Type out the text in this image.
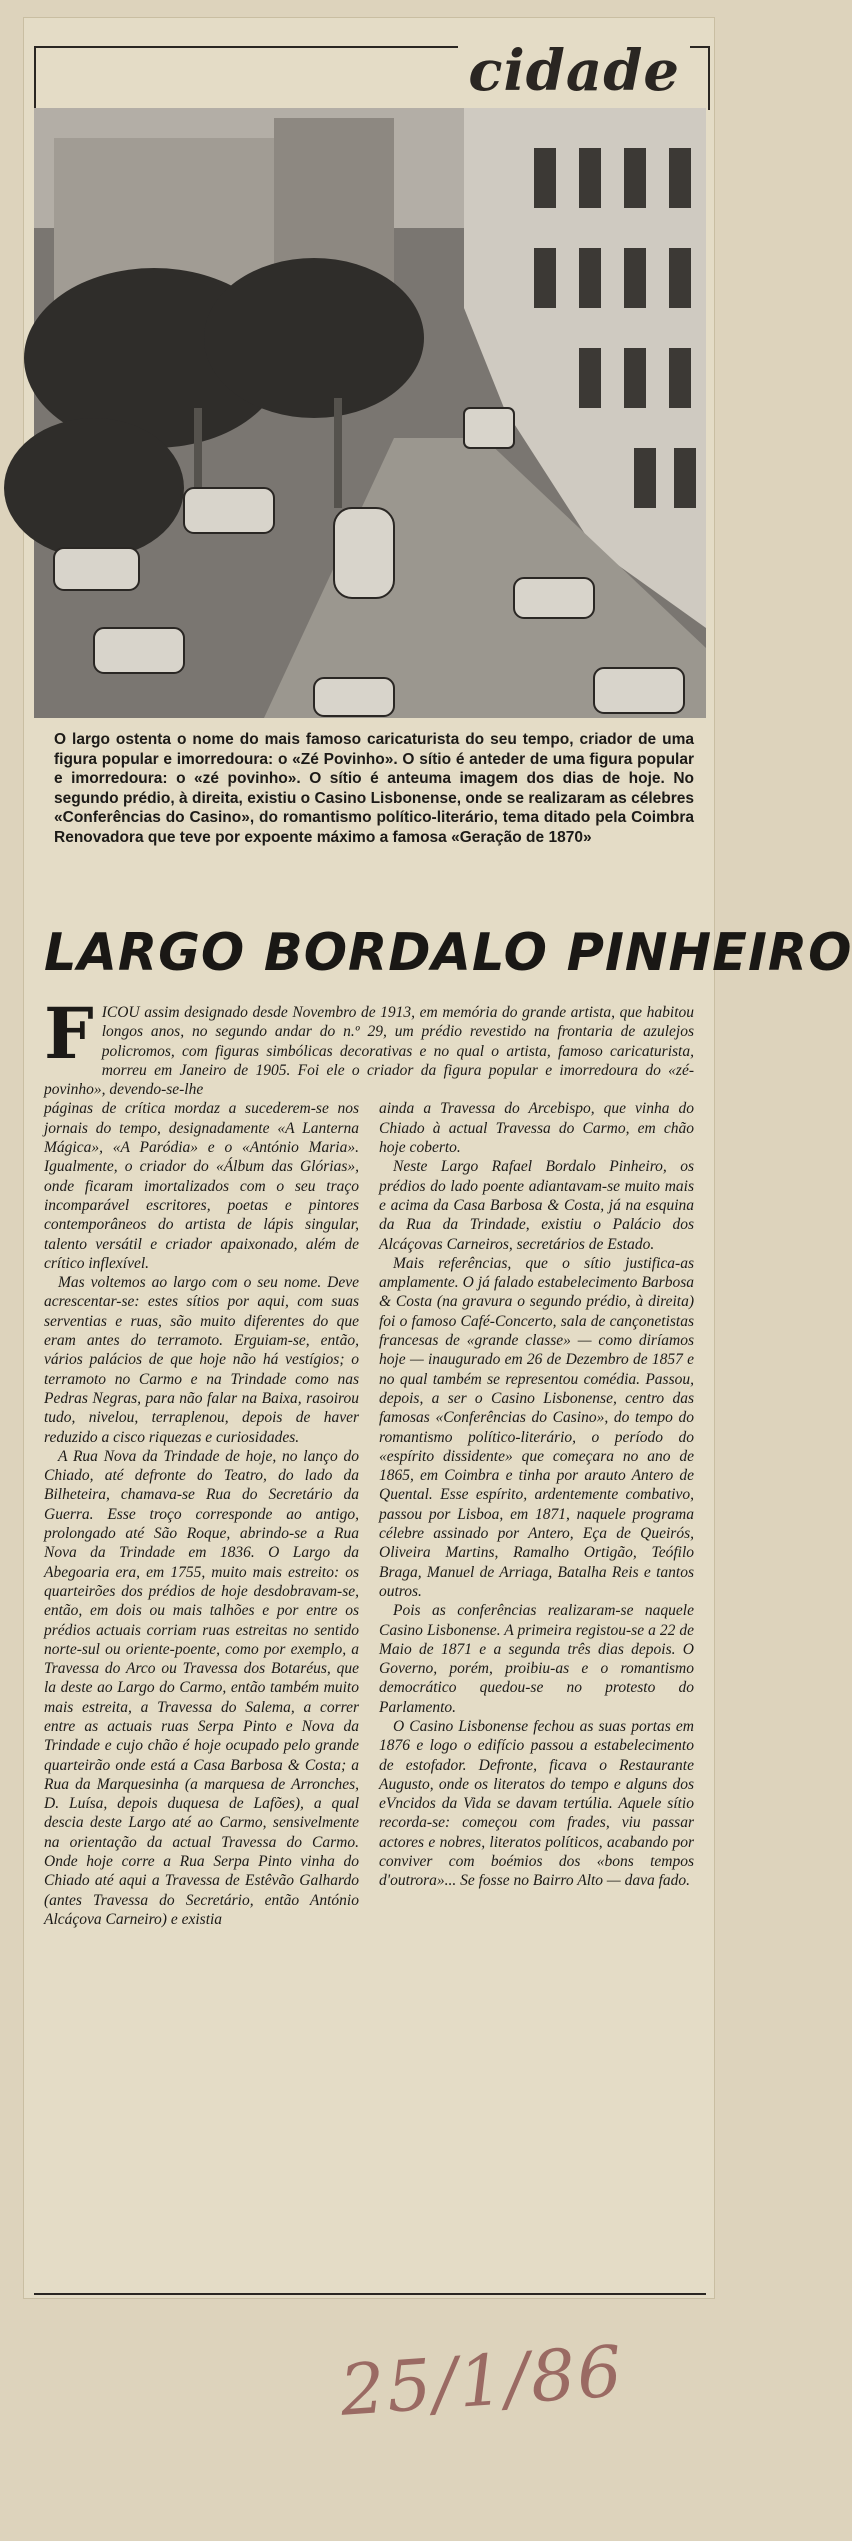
cidade
O largo ostenta o nome do mais famoso caricaturista do seu tempo, criador de uma figura popular e imorredoura: o «Zé Povinho». O sítio é anteder de uma figura popular e imorredoura: o «zé povinho». O sítio é anteuma imagem dos dias de hoje. No segundo prédio, à direita, existiu o Casino Lisbonense, onde se realizaram as célebres «Conferências do Casino», do romantismo político-literário, tema ditado pela Coimbra Renovadora que teve por expoente máximo a famosa «Geração de 1870»
LARGO BORDALO PINHEIRO
F ICOU assim designado desde Novembro de 1913, em memória do grande artista, que habitou longos anos, no segundo andar do n.º 29, um prédio revestido na frontaria de azulejos policromos, com figuras simbólicas decorativas e no qual o artista, famoso caricaturista, morreu em Janeiro de 1905. Foi ele o criador da figura popular e imorredoura do «zé-povinho», devendo-se-lhe

páginas de crítica mordaz a sucederem-se nos jornais do tempo, designadamente «A Lanterna Mágica», «A Paródia» e o «António Maria». Igualmente, o criador do «Álbum das Glórias», onde ficaram imortalizados com o seu traço incomparável escritores, poetas e pintores contemporâneos do artista de lápis singular, talento versátil e criador apaixonado, além de crítico inflexível.

Mas voltemos ao largo com o seu nome. Deve acrescentar-se: estes sítios por aqui, com suas serventias e ruas, são muito diferentes do que eram antes do terramoto. Erguiam-se, então, vários palácios de que hoje não há vestígios; o terramoto no Carmo e na Trindade como nas Pedras Negras, para não falar na Baixa, rasoirou tudo, nivelou, terraplenou, depois de haver reduzido a cisco riquezas e curiosidades.

A Rua Nova da Trindade de hoje, no lanço do Chiado, até defronte do Teatro, do lado da Bilheteira, chamava-se Rua do Secretário da Guerra. Esse troço corresponde ao antigo, prolongado até São Roque, abrindo-se a Rua Nova da Trindade em 1836. O Largo da Abegoaria era, em 1755, muito mais estreito: os quarteirões dos prédios de hoje desdobravam-se, então, em dois ou mais talhões e por entre os prédios actuais corriam ruas estreitas no sentido norte-sul ou oriente-poente, como por exemplo, a Travessa do Arco ou Travessa dos Botaréus, que la deste ao Largo do Carmo, então também muito mais estreita, a Travessa do Salema, a correr entre as actuais ruas Serpa Pinto e Nova da Trindade e cujo chão é hoje ocupado pelo grande quarteirão onde está a Casa Barbosa & Costa; a Rua da Marquesinha (a marquesa de Arronches, D. Luísa, depois duquesa de Lafões), a qual descia deste Largo até ao Carmo, sensivelmente na orientação da actual Travessa do Carmo. Onde hoje corre a Rua Serpa Pinto vinha do Chiado até aqui a Travessa de Estêvão Galhardo (antes Travessa do Secretário, então António Alcáçova Carneiro) e existia

ainda a Travessa do Arcebispo, que vinha do Chiado à actual Travessa do Carmo, em chão hoje coberto.

Neste Largo Rafael Bordalo Pinheiro, os prédios do lado poente adiantavam-se muito mais e acima da Casa Barbosa & Costa, já na esquina da Rua da Trindade, existiu o Palácio dos Alcáçovas Carneiros, secretários de Estado.

Mais referências, que o sítio justifica-as amplamente. O já falado estabelecimento Barbosa & Costa (na gravura o segundo prédio, à direita) foi o famoso Café-Concerto, sala de cançonetistas francesas de «grande classe» — como diríamos hoje — inaugurado em 26 de Dezembro de 1857 e no qual também se representou comédia. Passou, depois, a ser o Casino Lisbonense, centro das famosas «Conferências do Casino», do tempo do romantismo político-literário, o período do «espírito dissidente» que começara no ano de 1865, em Coimbra e tinha por arauto Antero de Quental. Esse espírito, ardentemente combativo, passou por Lisboa, em 1871, naquele programa célebre assinado por Antero, Eça de Queirós, Oliveira Martins, Ramalho Ortigão, Teófilo Braga, Manuel de Arriaga, Batalha Reis e tantos outros.

Pois as conferências realizaram-se naquele Casino Lisbonense. A primeira registou-se a 22 de Maio de 1871 e a segunda três dias depois. O Governo, porém, proibiu-as e o romantismo democrático quedou-se no protesto do Parlamento.

O Casino Lisbonense fechou as suas portas em 1876 e logo o edifício passou a estabelecimento de estofador. Defronte, ficava o Restaurante Augusto, onde os literatos do tempo e alguns dos eVncidos da Vida se davam tertúlia. Aquele sítio recorda-se: começou com frades, viu passar actores e nobres, literatos políticos, acabando por conviver com boémios dos «bons tempos d'outrora»... Se fosse no Bairro Alto — dava fado.

25/1/86
